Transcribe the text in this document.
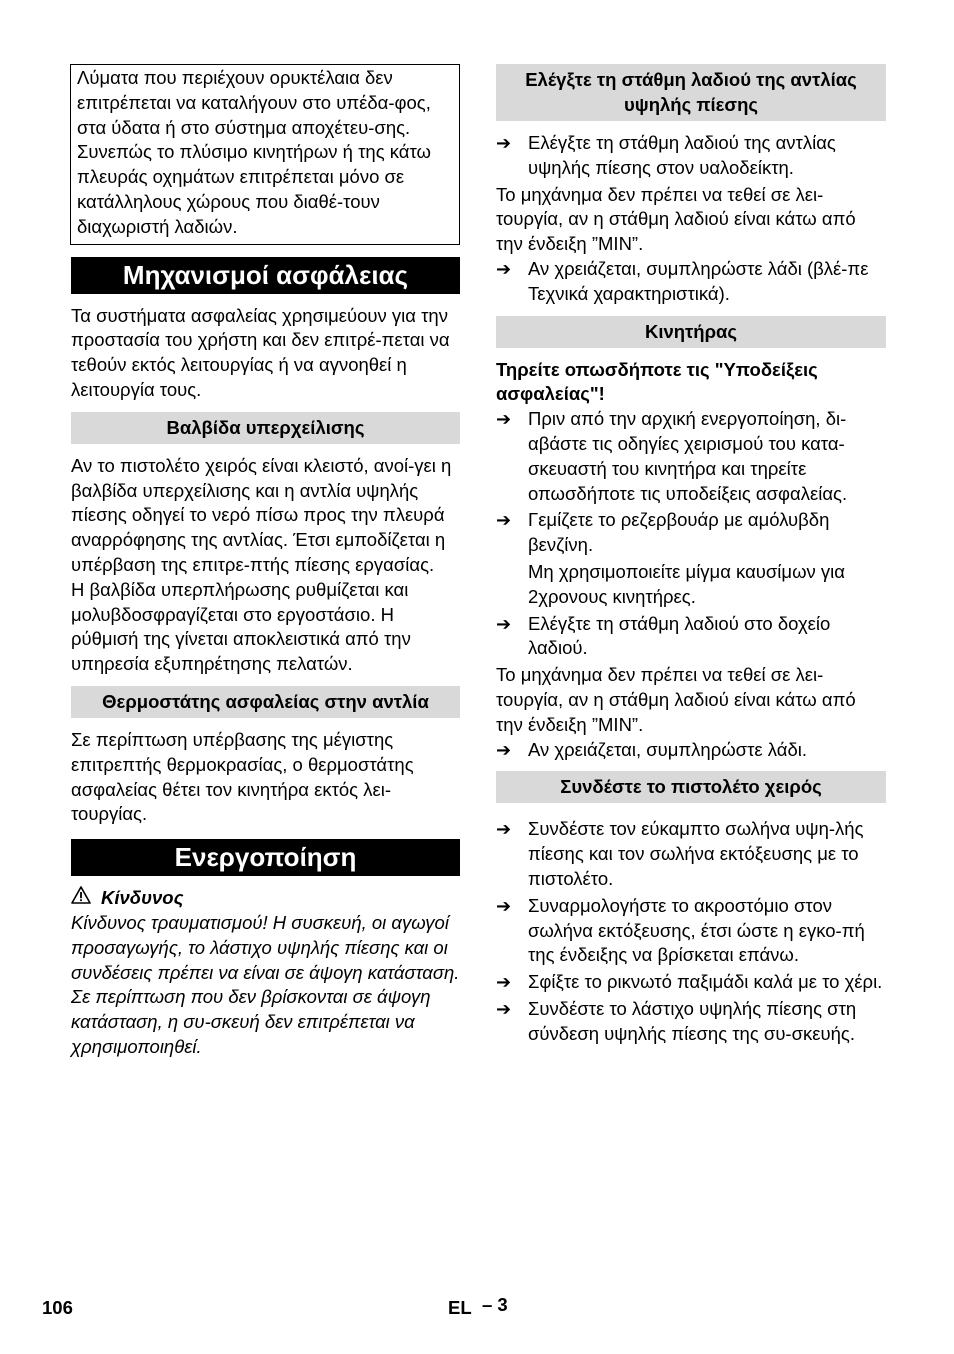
Λύματα που περιέχουν ορυκτέλαια δεν επιτρέπεται να καταλήγουν στο υπέδα-φος, στα ύδατα ή στο σύστημα αποχέτευ-σης. Συνεπώς το πλύσιμο κινητήρων ή της κάτω πλευράς οχημάτων επιτρέπεται μόνο σε κατάλληλους χώρους που διαθέ-τουν διαχωριστή λαδιών.

Μηχανισμοί ασφάλειας

Τα συστήματα ασφαλείας χρησιμεύουν για την προστασία του χρήστη και δεν επιτρέ-πεται να τεθούν εκτός λειτουργίας ή να αγνοηθεί η λειτουργία τους.

Βαλβίδα υπερχείλισης

Αν το πιστολέτο χειρός είναι κλειστό, ανοί-γει η βαλβίδα υπερχείλισης και η αντλία υψηλής πίεσης οδηγεί το νερό πίσω προς την πλευρά αναρρόφησης της αντλίας. Έτσι εμποδίζεται η υπέρβαση της επιτρε-πτής πίεσης εργασίας.

Η βαλβίδα υπερπλήρωσης ρυθμίζεται και μολυβδοσφραγίζεται στο εργοστάσιο. Η ρύθμισή της γίνεται αποκλειστικά από την υπηρεσία εξυπηρέτησης πελατών.

Θερμοστάτης ασφαλείας στην αντλία

Σε περίπτωση υπέρβασης της μέγιστης επιτρεπτής θερμοκρασίας, ο θερμοστάτης ασφαλείας θέτει τον κινητήρα εκτός λει-τουργίας.

Ενεργοποίηση
Κίνδυνος

Κίνδυνος τραυματισμού! Η συσκευή, οι αγωγοί προσαγωγής, το λάστιχο υψηλής πίεσης και οι συνδέσεις πρέπει να είναι σε άψογη κατάσταση. Σε περίπτωση που δεν βρίσκονται σε άψογη κατάσταση, η συ-σκευή δεν επιτρέπεται να χρησιμοποιηθεί.

Ελέγξτε τη στάθμη λαδιού της αντλίας υψηλής πίεσης
➔ Ελέγξτε τη στάθμη λαδιού της αντλίας υψηλής πίεσης στον υαλοδείκτη.

Το μηχάνημα δεν πρέπει να τεθεί σε λει-τουργία, αν η στάθμη λαδιού είναι κάτω από την ένδειξη ”MIN”.

➔ Αν χρειάζεται, συμπληρώστε λάδι (βλέ-πε Τεχνικά χαρακτηριστικά).
Κινητήρας

Τηρείτε οπωσδήποτε τις "Υποδείξεις ασφαλείας"!

➔ Πριν από την αρχική ενεργοποίηση, δι-αβάστε τις οδηγίες χειρισμού του κατα-σκευαστή του κινητήρα και τηρείτε οπωσδήποτε τις υποδείξεις ασφαλείας.
➔ Γεμίζετε το ρεζερβουάρ με αμόλυβδη βενζίνη.

Μη χρησιμοποιείτε μίγμα καυσίμων για 2χρονους κινητήρες.

➔ Ελέγξτε τη στάθμη λαδιού στο δοχείο λαδιού.

Το μηχάνημα δεν πρέπει να τεθεί σε λει-τουργία, αν η στάθμη λαδιού είναι κάτω από την ένδειξη ”MIN”.

➔ Αν χρειάζεται, συμπληρώστε λάδι.
Συνδέστε το πιστολέτο χειρός
➔ Συνδέστε τον εύκαμπτο σωλήνα υψη-λής πίεσης και τον σωλήνα εκτόξευσης με το πιστολέτο.
➔ Συναρμολογήστε το ακροστόμιο στον σωλήνα εκτόξευσης, έτσι ώστε η εγκο-πή της ένδειξης να βρίσκεται επάνω.
➔ Σφίξτε το ρικνωτό παξιμάδι καλά με το χέρι.
➔ Συνδέστε το λάστιχο υψηλής πίεσης στη σύνδεση υψηλής πίεσης της συ-σκευής.
106	EL – 3
